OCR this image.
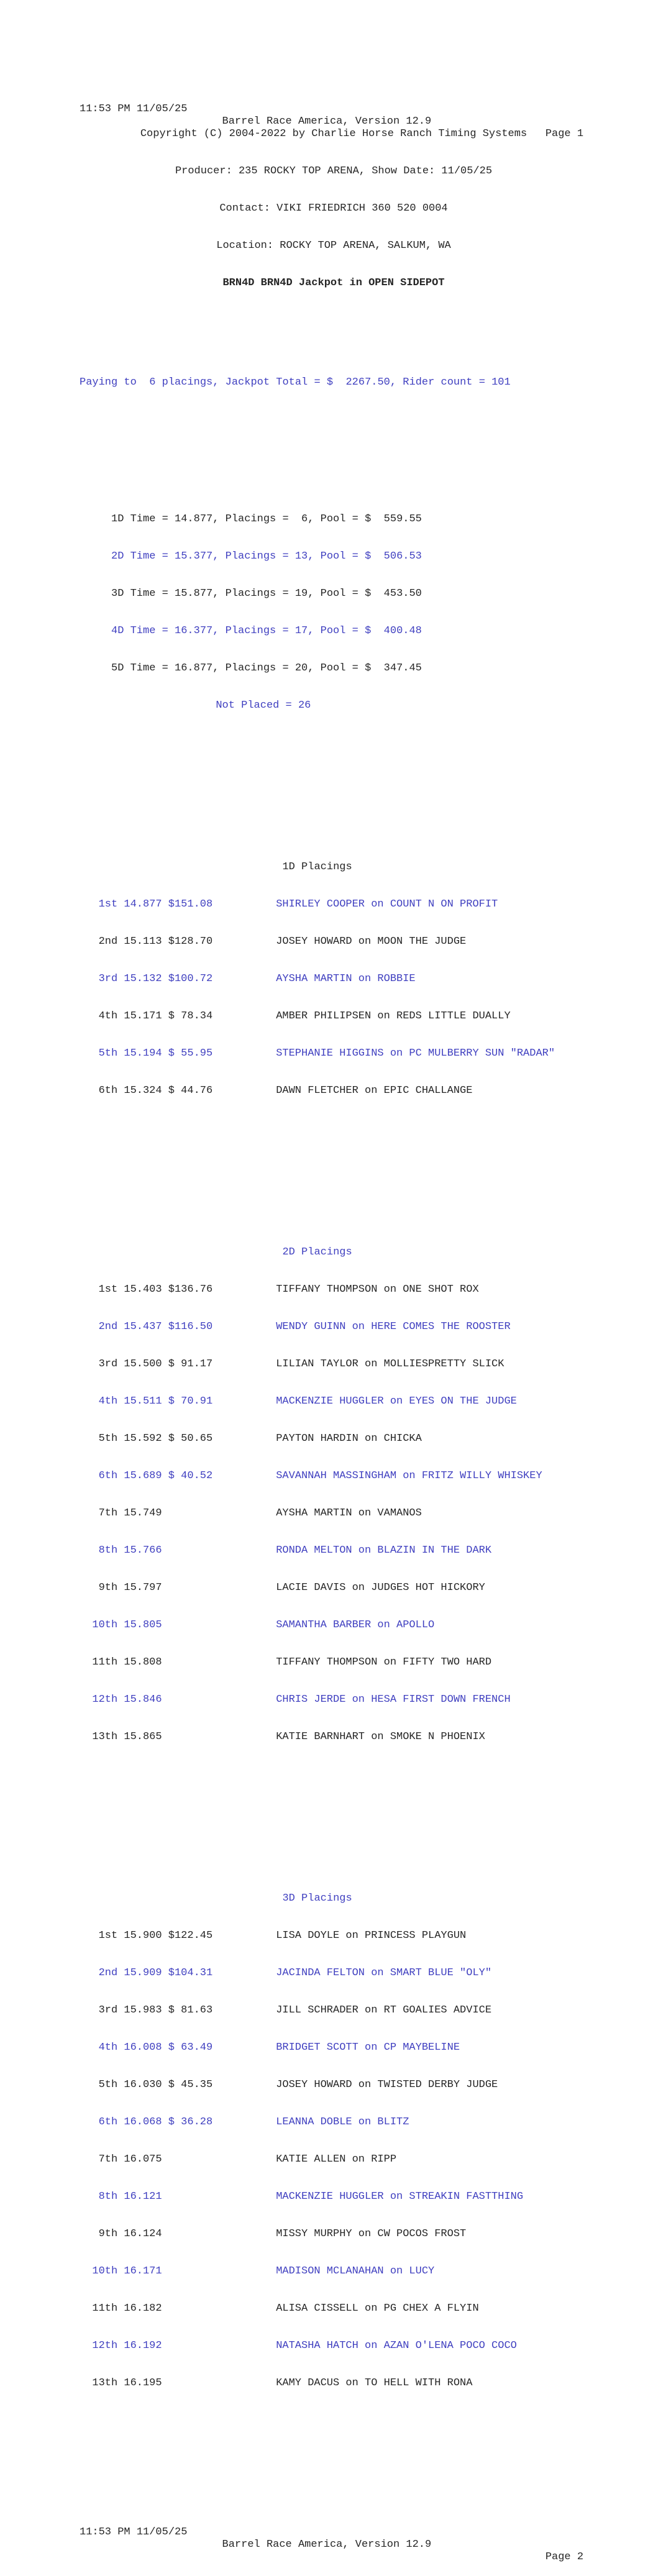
11:53 PM 11/05/25

Barrel Race America, Version 12.9

Page 1

Copyright (C) 2004-2022 by Charlie Horse Ranch Timing Systems

Producer: 235 ROCKY TOP ARENA, Show Date: 11/05/25

Contact: VIKI FRIEDRICH 360 520 0004

Location: ROCKY TOP ARENA, SALKUM, WA

BRN4D BRN4D Jackpot in OPEN SIDEPOT

Paying to  6 placings, Jackpot Total = $  2267.50, Rider count = 101

1D Time = 14.877, Placings =  6, Pool = $  559.55

2D Time = 15.377, Placings = 13, Pool = $  506.53

3D Time = 15.877, Placings = 19, Pool = $  453.50

4D Time = 16.377, Placings = 17, Pool = $  400.48

5D Time = 16.877, Placings = 20, Pool = $  347.45

Not Placed = 26

1D Placings

1st 14.877 $151.08	SHIRLEY COOPER on COUNT N ON PROFIT

2nd 15.113 $128.70	JOSEY HOWARD on MOON THE JUDGE

3rd 15.132 $100.72	AYSHA MARTIN on ROBBIE

4th 15.171 $ 78.34	AMBER PHILIPSEN on REDS LITTLE DUALLY

5th 15.194 $ 55.95	STEPHANIE HIGGINS on PC MULBERRY SUN "RADAR"

6th 15.324 $ 44.76	DAWN FLETCHER on EPIC CHALLANGE

2D Placings

1st 15.403 $136.76	TIFFANY THOMPSON on ONE SHOT ROX

2nd 15.437 $116.50	WENDY GUINN on HERE COMES THE ROOSTER

3rd 15.500 $ 91.17	LILIAN TAYLOR on MOLLIESPRETTY SLICK

4th 15.511 $ 70.91	MACKENZIE HUGGLER on EYES ON THE JUDGE

5th 15.592 $ 50.65	PAYTON HARDIN on CHICKA

6th 15.689 $ 40.52	SAVANNAH MASSINGHAM on FRITZ WILLY WHISKEY

7th 15.749	AYSHA MARTIN on VAMANOS

8th 15.766	RONDA MELTON on BLAZIN IN THE DARK

9th 15.797	LACIE DAVIS on JUDGES HOT HICKORY

10th 15.805	SAMANTHA BARBER on APOLLO

11th 15.808	TIFFANY THOMPSON on FIFTY TWO HARD

12th 15.846	CHRIS JERDE on HESA FIRST DOWN FRENCH

13th 15.865	KATIE BARNHART on SMOKE N PHOENIX

3D Placings

1st 15.900 $122.45	LISA DOYLE on PRINCESS PLAYGUN

2nd 15.909 $104.31	JACINDA FELTON on SMART BLUE "OLY"

3rd 15.983 $ 81.63	JILL SCHRADER on RT GOALIES ADVICE

4th 16.008 $ 63.49	BRIDGET SCOTT on CP MAYBELINE

5th 16.030 $ 45.35	JOSEY HOWARD on TWISTED DERBY JUDGE

6th 16.068 $ 36.28	LEANNA DOBLE on BLITZ

7th 16.075	KATIE ALLEN on RIPP

8th 16.121	MACKENZIE HUGGLER on STREAKIN FASTTHING

9th 16.124	MISSY MURPHY on CW POCOS FROST

10th 16.171	MADISON MCLANAHAN on LUCY

11th 16.182	ALISA CISSELL on PG CHEX A FLYIN

12th 16.192	NATASHA HATCH on AZAN O'LENA POCO COCO

13th 16.195	KAMY DACUS on TO HELL WITH RONA

11:53 PM 11/05/25

Barrel Race America, Version 12.9

Page 2
